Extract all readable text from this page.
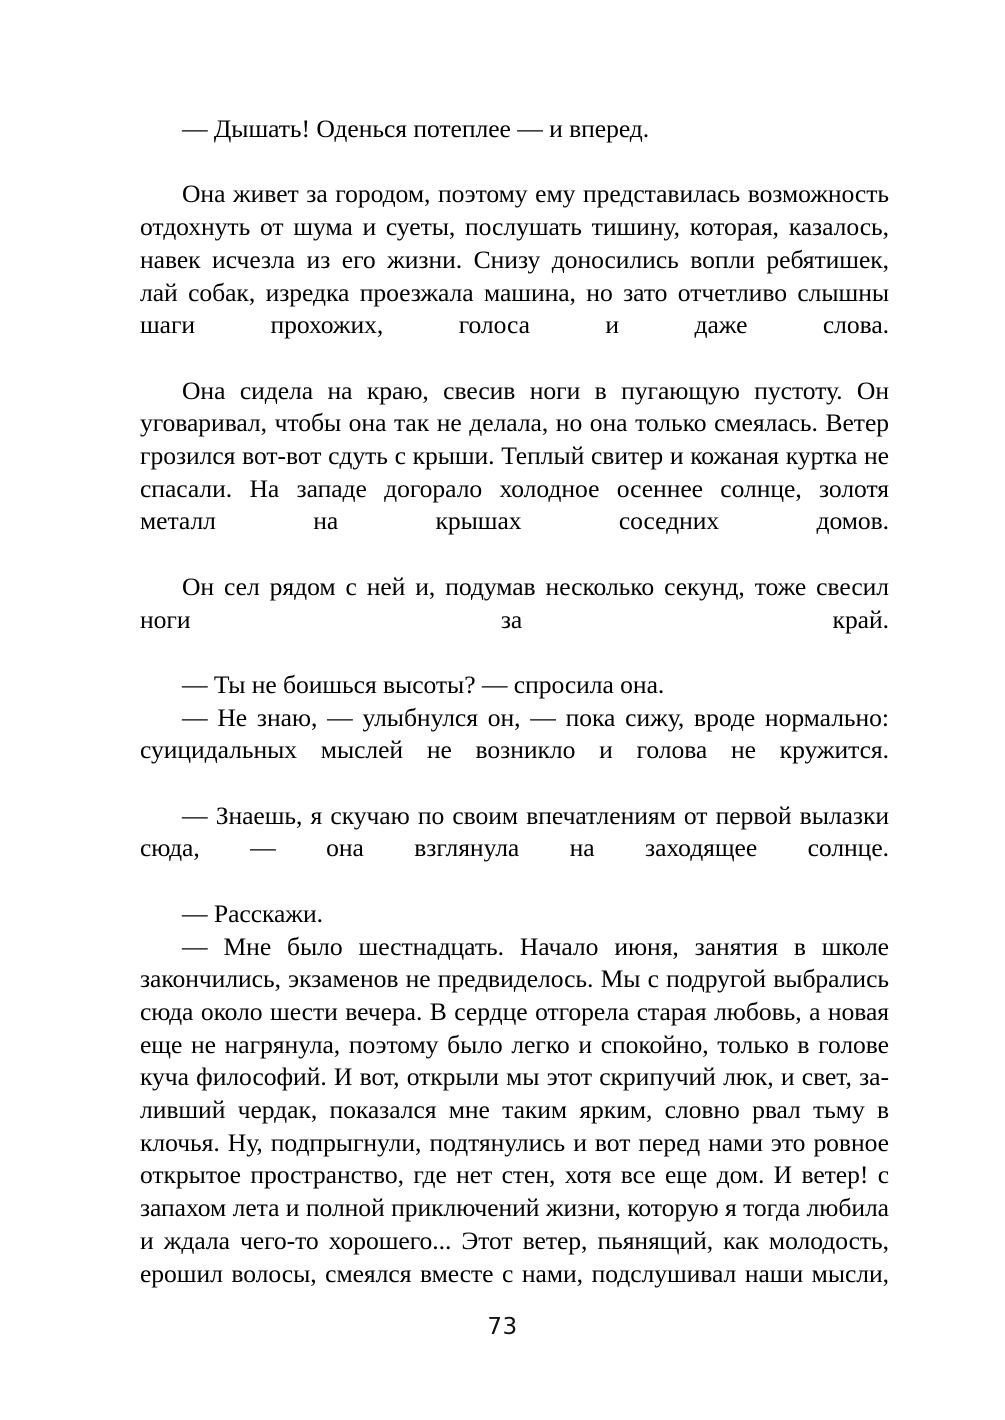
— Дышать! Оденься потеплее — и вперед.

Она живет за городом, поэтому ему представилась возможность отдохнуть от шума и суеты, послушать тишину, которая, казалось, навек исчезла из его жизни. Снизу доносились вопли ребятишек, лай собак, изредка проезжала машина, но зато отчетливо слышны шаги прохожих, голоса и даже слова.

Она сидела на краю, свесив ноги в пугающую пустоту. Он уговаривал, чтобы она так не делала, но она только смеялась. Ветер грозился вот-вот сдуть с крыши. Теплый свитер и кожаная куртка не спасали. На западе догорало холодное осеннее солнце, золотя металл на крышах соседних домов.

Он сел рядом с ней и, подумав несколько секунд, тоже свесил ноги за край.

— Ты не боишься высоты? — спросила она.

— Не знаю, — улыбнулся он, — пока сижу, вроде нормально: суицидальных мыслей не возникло и голова не кружится.

— Знаешь, я скучаю по своим впечатлениям от первой вылазки сюда, — она взглянула на заходящее солнце.

— Расскажи.

— Мне было шестнадцать. Начало июня, занятия в школе закончились, экзаменов не предвиделось. Мы с подругой выбрались сюда около шести вечера. В сердце отгорела старая любовь, а новая еще не нагрянула, поэтому было легко и спокойно, только в голове куча философий. И вот, открыли мы этот скрипучий люк, и свет, заливший чердак, показался мне таким ярким, словно рвал тьму в клочья. Ну, подпрыгнули, подтянулись и вот перед нами это ровное открытое пространство, где нет стен, хотя все еще дом. И ветер! с запахом лета и полной приключений жизни, которую я тогда любила и ждала чего-то хорошего... Этот ветер, пьянящий, как молодость, ерошил волосы, смеялся вместе с нами, подслушивал наши мысли,

73
